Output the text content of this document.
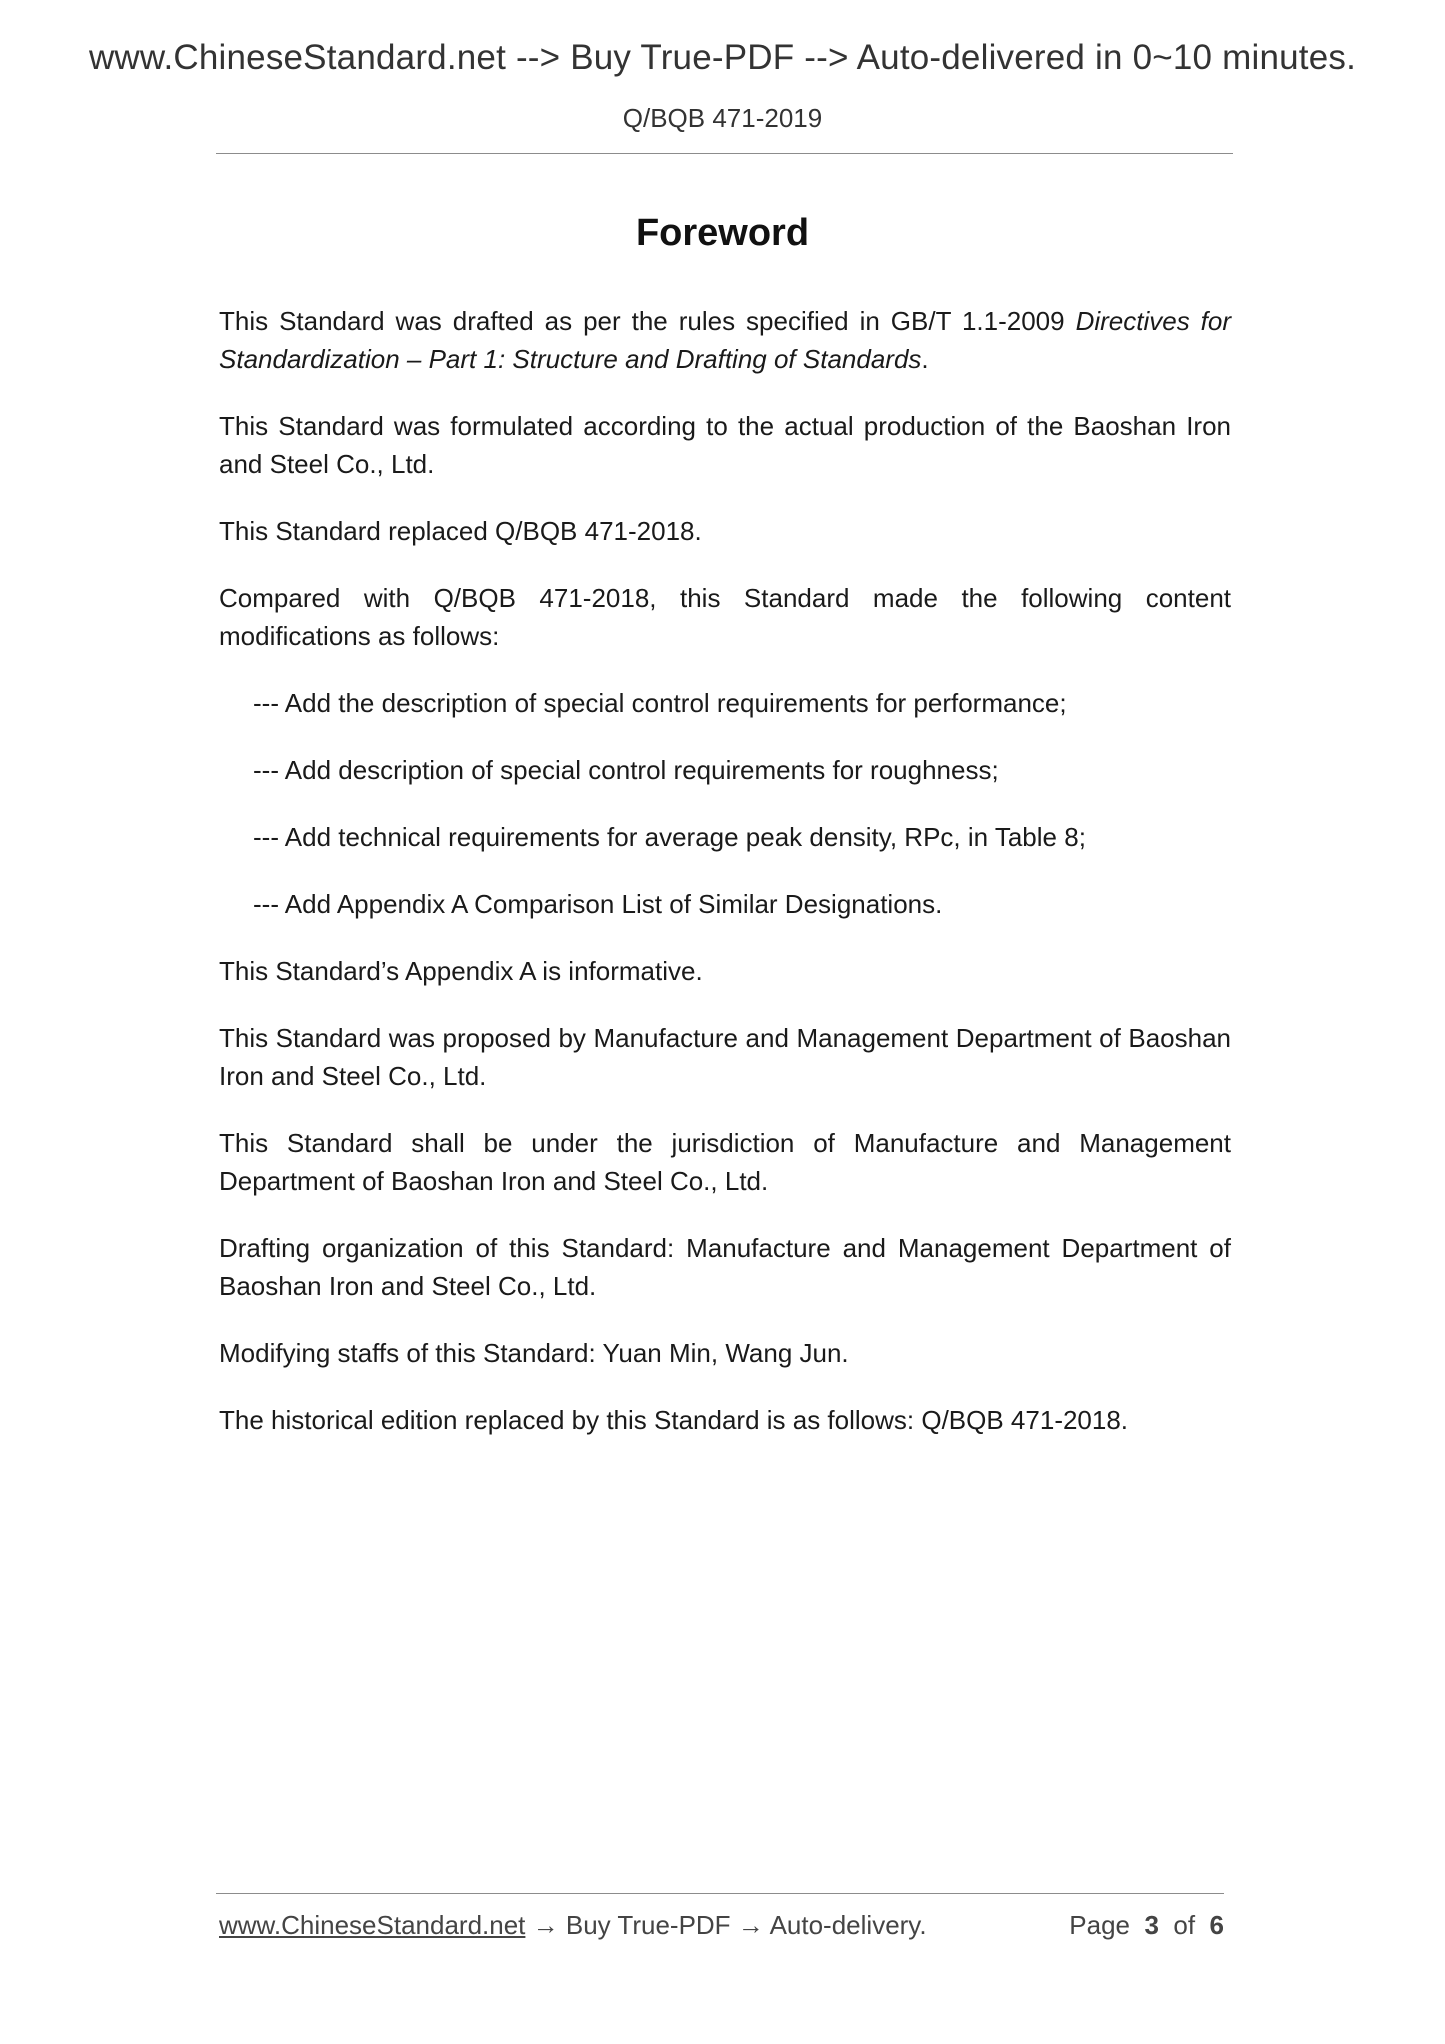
www.ChineseStandard.net --> Buy True-PDF --> Auto-delivered in 0~10 minutes.
Q/BQB 471-2019
Foreword

This Standard was drafted as per the rules specified in GB/T 1.1-2009 Directives for Standardization – Part 1: Structure and Drafting of Standards.

This Standard was formulated according to the actual production of the Baoshan Iron and Steel Co., Ltd.

This Standard replaced Q/BQB 471-2018.

Compared with Q/BQB 471-2018, this Standard made the following content modifications as follows:

--- Add the description of special control requirements for performance;

--- Add description of special control requirements for roughness;

--- Add technical requirements for average peak density, RPc, in Table 8;

--- Add Appendix A Comparison List of Similar Designations.

This Standard’s Appendix A is informative.

This Standard was proposed by Manufacture and Management Department of Baoshan Iron and Steel Co., Ltd.

This Standard shall be under the jurisdiction of Manufacture and Management Department of Baoshan Iron and Steel Co., Ltd.

Drafting organization of this Standard: Manufacture and Management Department of Baoshan Iron and Steel Co., Ltd.

Modifying staffs of this Standard: Yuan Min, Wang Jun.

The historical edition replaced by this Standard is as follows: Q/BQB 471-2018.

www.ChineseStandard.net → Buy True-PDF → Auto-delivery.	Page 3 of 6
